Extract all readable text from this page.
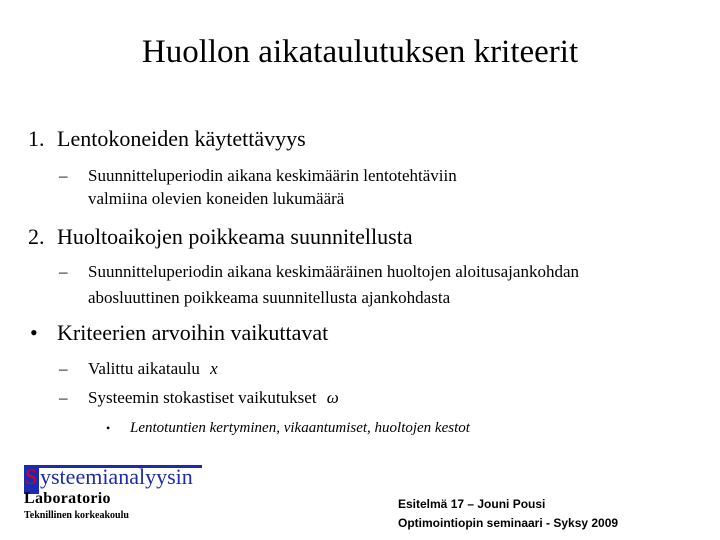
Huollon aikataulutuksen kriteerit
1. Lentokoneiden käytettävyys
– Suunnitteluperiodin aikana keskimäärin lentotehtäviin
valmiina olevien koneiden lukumäärä
2. Huoltoaikojen poikkeama suunnitellusta
– Suunnitteluperiodin aikana keskimääräinen huoltojen aloitusajankohdan
abosluuttinen poikkeama suunnitellusta ajankohdasta
• Kriteerien arvoihin vaikuttavat
– Valittu aikataulu x
– Systeemin stokastiset vaikutukset ω
• Lentotuntien kertyminen, vikaantumiset, huoltojen kestot
S ysteemianalyysin
Laboratorio
Teknillinen korkeakoulu
Esitelmä 17 – Jouni Pousi
Optimointiopin seminaari - Syksy 2009
